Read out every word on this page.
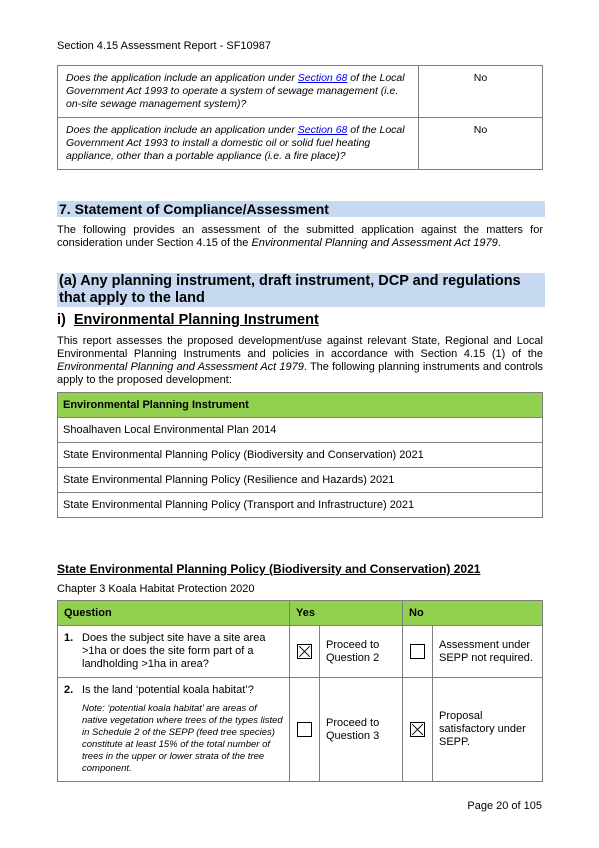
Section 4.15 Assessment Report - SF10987
Does the application include an application under Section 68 of the Local Government Act 1993 to operate a system of sewage management (i.e. on-site sewage management system)?	No
Does the application include an application under Section 68 of the Local Government Act 1993 to install a domestic oil or solid fuel heating appliance, other than a portable appliance (i.e. a fire place)?	No
7. Statement of Compliance/Assessment
The following provides an assessment of the submitted application against the matters for consideration under Section 4.15 of the Environmental Planning and Assessment Act 1979.
(a) Any planning instrument, draft instrument, DCP and regulations that apply to the land
i) Environmental Planning Instrument
This report assesses the proposed development/use against relevant State, Regional and Local Environmental Planning Instruments and policies in accordance with Section 4.15 (1) of the Environmental Planning and Assessment Act 1979. The following planning instruments and controls apply to the proposed development:
Environmental Planning Instrument
Shoalhaven Local Environmental Plan 2014
State Environmental Planning Policy (Biodiversity and Conservation) 2021
State Environmental Planning Policy (Resilience and Hazards) 2021
State Environmental Planning Policy (Transport and Infrastructure) 2021
State Environmental Planning Policy (Biodiversity and Conservation) 2021
Chapter 3 Koala Habitat Protection 2020
Question	Yes		No	

1. Does the subject site have a site area >1ha or does the site form part of a landholding >1ha in area?		Proceed to Question 2		Assessment under SEPP not required.

2. Is the land ‘potential koala habitat’?
Note: ‘potential koala habitat’ are areas of native vegetation where trees of the types listed in Schedule 2 of the SEPP (feed tree species) constitute at least 15% of the total number of trees in the upper or lower strata of the tree component.		Proceed to Question 3		Proposal satisfactory under SEPP.
Page 20 of 105
